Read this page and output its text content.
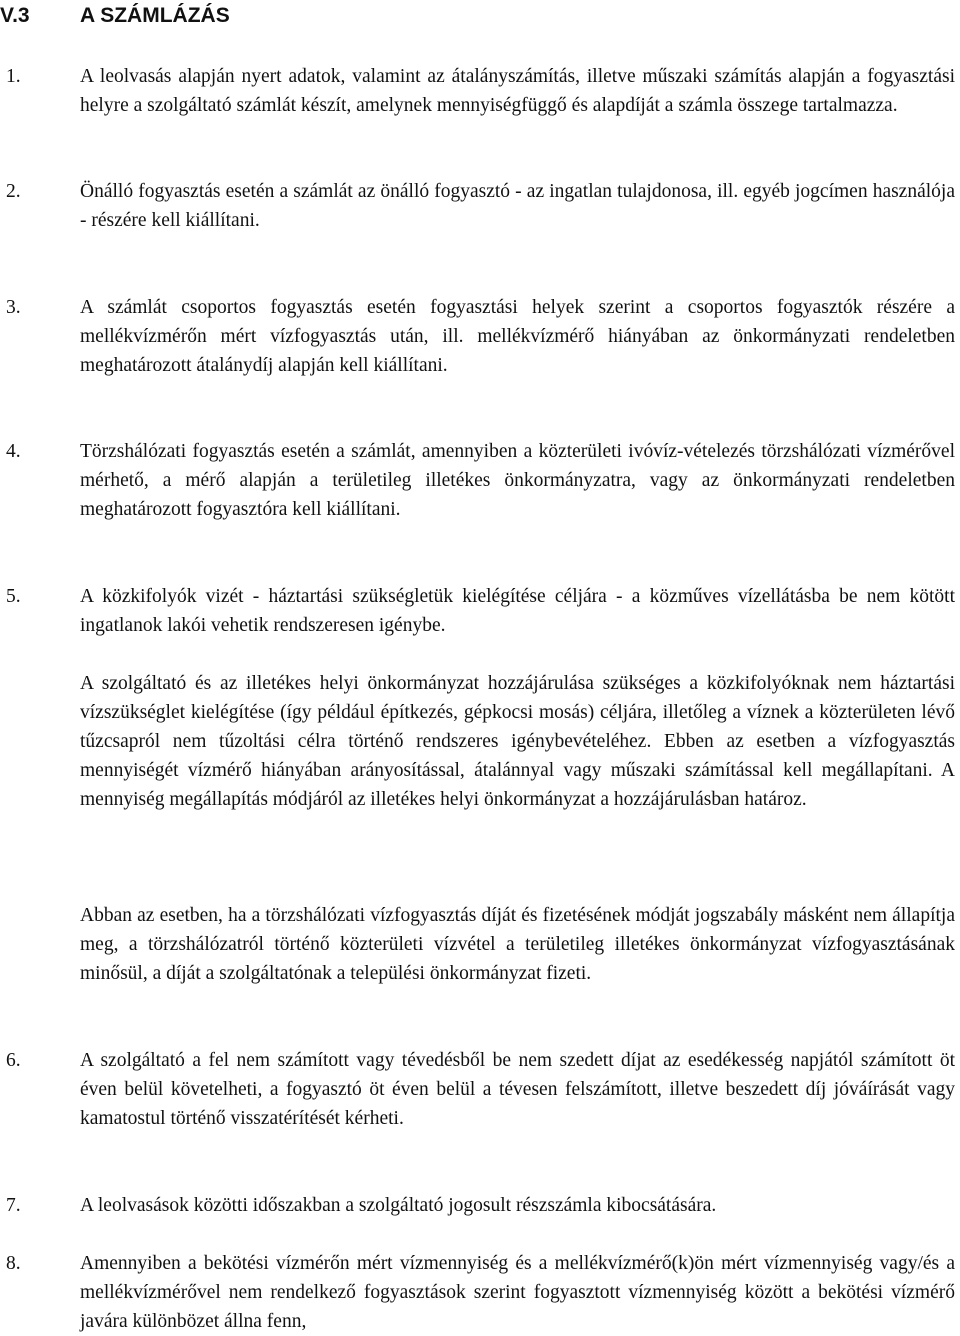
V.3 A SZÁMLÁZÁS
1.	A leolvasás alapján nyert adatok, valamint az átalányszámítás, illetve műszaki számítás alapján a fogyasztási helyre a szolgáltató számlát készít, amelynek mennyiségfüggő és alapdíját a számla összege tartalmazza.
2.	Önálló fogyasztás esetén a számlát az önálló fogyasztó - az ingatlan tulajdonosa, ill. egyéb jogcímen használója - részére kell kiállítani.
3.	A számlát csoportos fogyasztás esetén fogyasztási helyek szerint a csoportos fogyasztók részére a mellékvízmérőn mért vízfogyasztás után, ill. mellékvízmérő hiányában az önkormányzati rendeletben meghatározott átalánydíj alapján kell kiállítani.
4.	Törzshálózati fogyasztás esetén a számlát, amennyiben a közterületi ivóvíz-vételezés törzshálózati vízmérővel mérhető, a mérő alapján a területileg illetékes önkormányzatra, vagy az önkormányzati rendeletben meghatározott fogyasztóra kell kiállítani.
5.	A közkifolyók vizét - háztartási szükségletük kielégítése céljára - a közműves vízellátásba be nem kötött ingatlanok lakói vehetik rendszeresen igénybe.
A szolgáltató és az illetékes helyi önkormányzat hozzájárulása szükséges a közkifolyóknak nem háztartási vízszükséglet kielégítése (így például építkezés, gépkocsi mosás) céljára, illetőleg a víznek a közterületen lévő tűzcsapról nem tűzoltási célra történő rendszeres igénybevételéhez. Ebben az esetben a vízfogyasztás mennyiségét vízmérő hiányában arányosítással, átalánnyal vagy műszaki számítással kell megállapítani. A mennyiség megállapítás módjáról az illetékes helyi önkormányzat a hozzájárulásban határoz.
Abban az esetben, ha a törzshálózati vízfogyasztás díját és fizetésének módját jogszabály másként nem állapítja meg, a törzshálózatról történő közterületi vízvétel a területileg illetékes önkormányzat vízfogyasztásának minősül, a díját a szolgáltatónak a települési önkormányzat fizeti.
6.	A szolgáltató a fel nem számított vagy tévedésből be nem szedett díjat az esedékesség napjától számított öt éven belül követelheti, a fogyasztó öt éven belül a tévesen felszámított, illetve beszedett díj jóváírását vagy kamatostul történő visszatérítését kérheti.
7.	A leolvasások közötti időszakban a szolgáltató jogosult részszámla kibocsátására.
8.	Amennyiben a bekötési vízmérőn mért vízmennyiség és a mellékvízmérő(k)ön mért vízmennyiség vagy/és a mellékvízmérővel nem rendelkező fogyasztások szerint fogyasztott vízmennyiség között a bekötési vízmérő javára különbözet állna fenn,
